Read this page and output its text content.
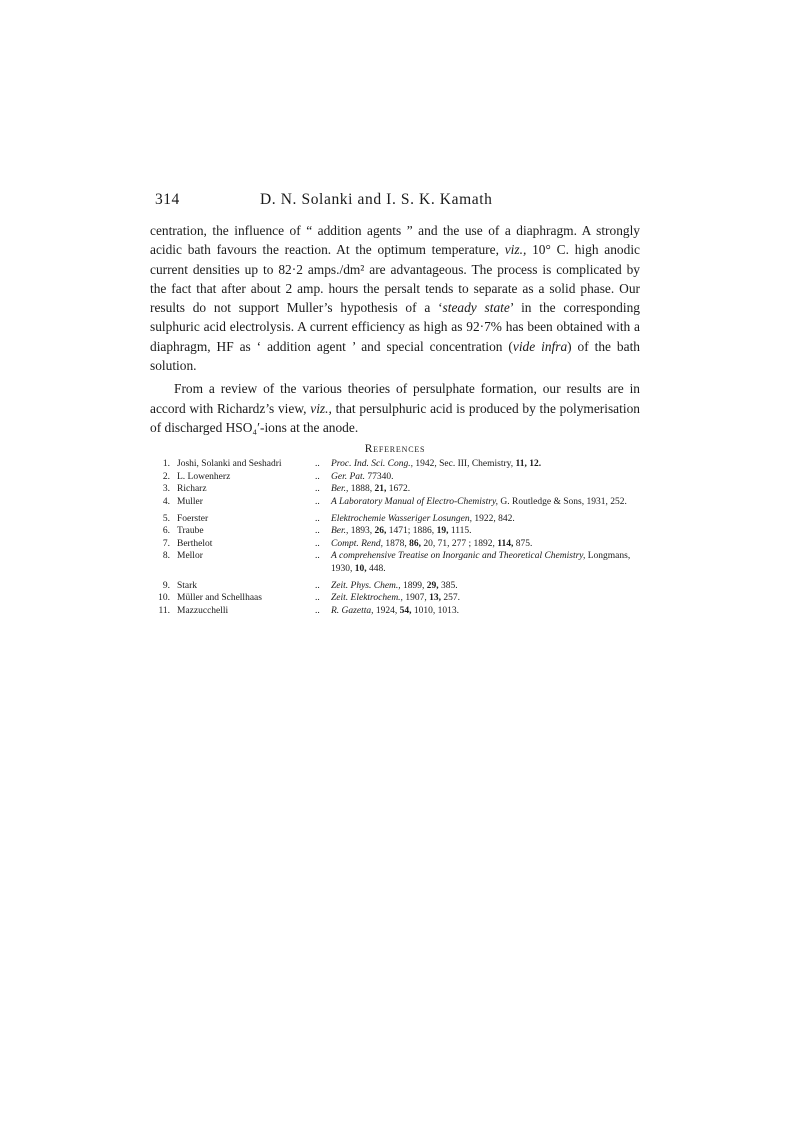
314	D. N. Solanki and I. S. K. Kamath

centration, the influence of “ addition agents ” and the use of a diaphragm. A strongly acidic bath favours the reaction. At the optimum temperature, viz., 10° C. high anodic current densities up to 82·2 amps./dm² are advantageous. The process is complicated by the fact that after about 2 amp. hours the persalt tends to separate as a solid phase. Our results do not support Muller’s hypothesis of a ‘steady state’ in the corresponding sulphuric acid electrolysis. A current efficiency as high as 92·7% has been obtained with a diaphragm, HF as ‘ addition agent ’ and special concentration (vide infra) of the bath solution.

From a review of the various theories of persulphate formation, our results are in accord with Richardz’s view, viz., that persulphuric acid is produced by the polymerisation of discharged HSO₄′-ions at the anode.

References
1. Joshi, Solanki and Seshadri	..	Proc. Ind. Sci. Cong., 1942, Sec. III, Chemistry, 11, 12.
2. L. Lowenherz	..	Ger. Pat. 77340.
3. Richarz	..	Ber., 1888, 21, 1672.
4. Muller	..	A Laboratory Manual of Electro-Chemistry, G. Routledge & Sons, 1931, 252.
5. Foerster	..	Elektrochemie Wasseriger Losungen, 1922, 842.
6. Traube	..	Ber., 1893, 26, 1471; 1886, 19, 1115.
7. Berthelot	..	Compt. Rend, 1878, 86, 20, 71, 277 ; 1892, 114, 875.
8. Mellor	..	A comprehensive Treatise on Inorganic and Theoretical Chemistry, Longmans, 1930, 10, 448.
9. Stark	..	Zeit. Phys. Chem., 1899, 29, 385.
10. Müller and Schellhaas	..	Zeit. Elektrochem., 1907, 13, 257.
11. Mazzucchelli	..	R. Gazetta, 1924, 54, 1010, 1013.
